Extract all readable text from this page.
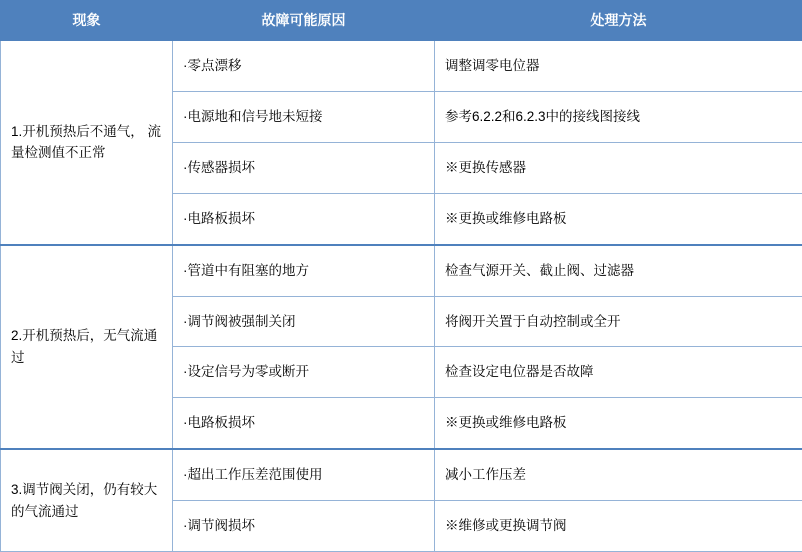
现象	故障可能原因	处理方法
1.开机预热后不通气， 流量检测值不正常	·零点漂移	调整调零电位器
	·电源地和信号地未短接	参考6.2.2和6.2.3中的接线图接线
	·传感器损坏	※更换传感器
	·电路板损坏	※更换或维修电路板
2.开机预热后，无气流通过	·管道中有阻塞的地方	检查气源开关、截止阀、过滤器
	·调节阀被强制关闭	将阀开关置于自动控制或全开
	·设定信号为零或断开	检查设定电位器是否故障
	·电路板损坏	※更换或维修电路板
3.调节阀关闭，仍有较大的气流通过	·超出工作压差范围使用	减小工作压差
	·调节阀损坏	※维修或更换调节阀
